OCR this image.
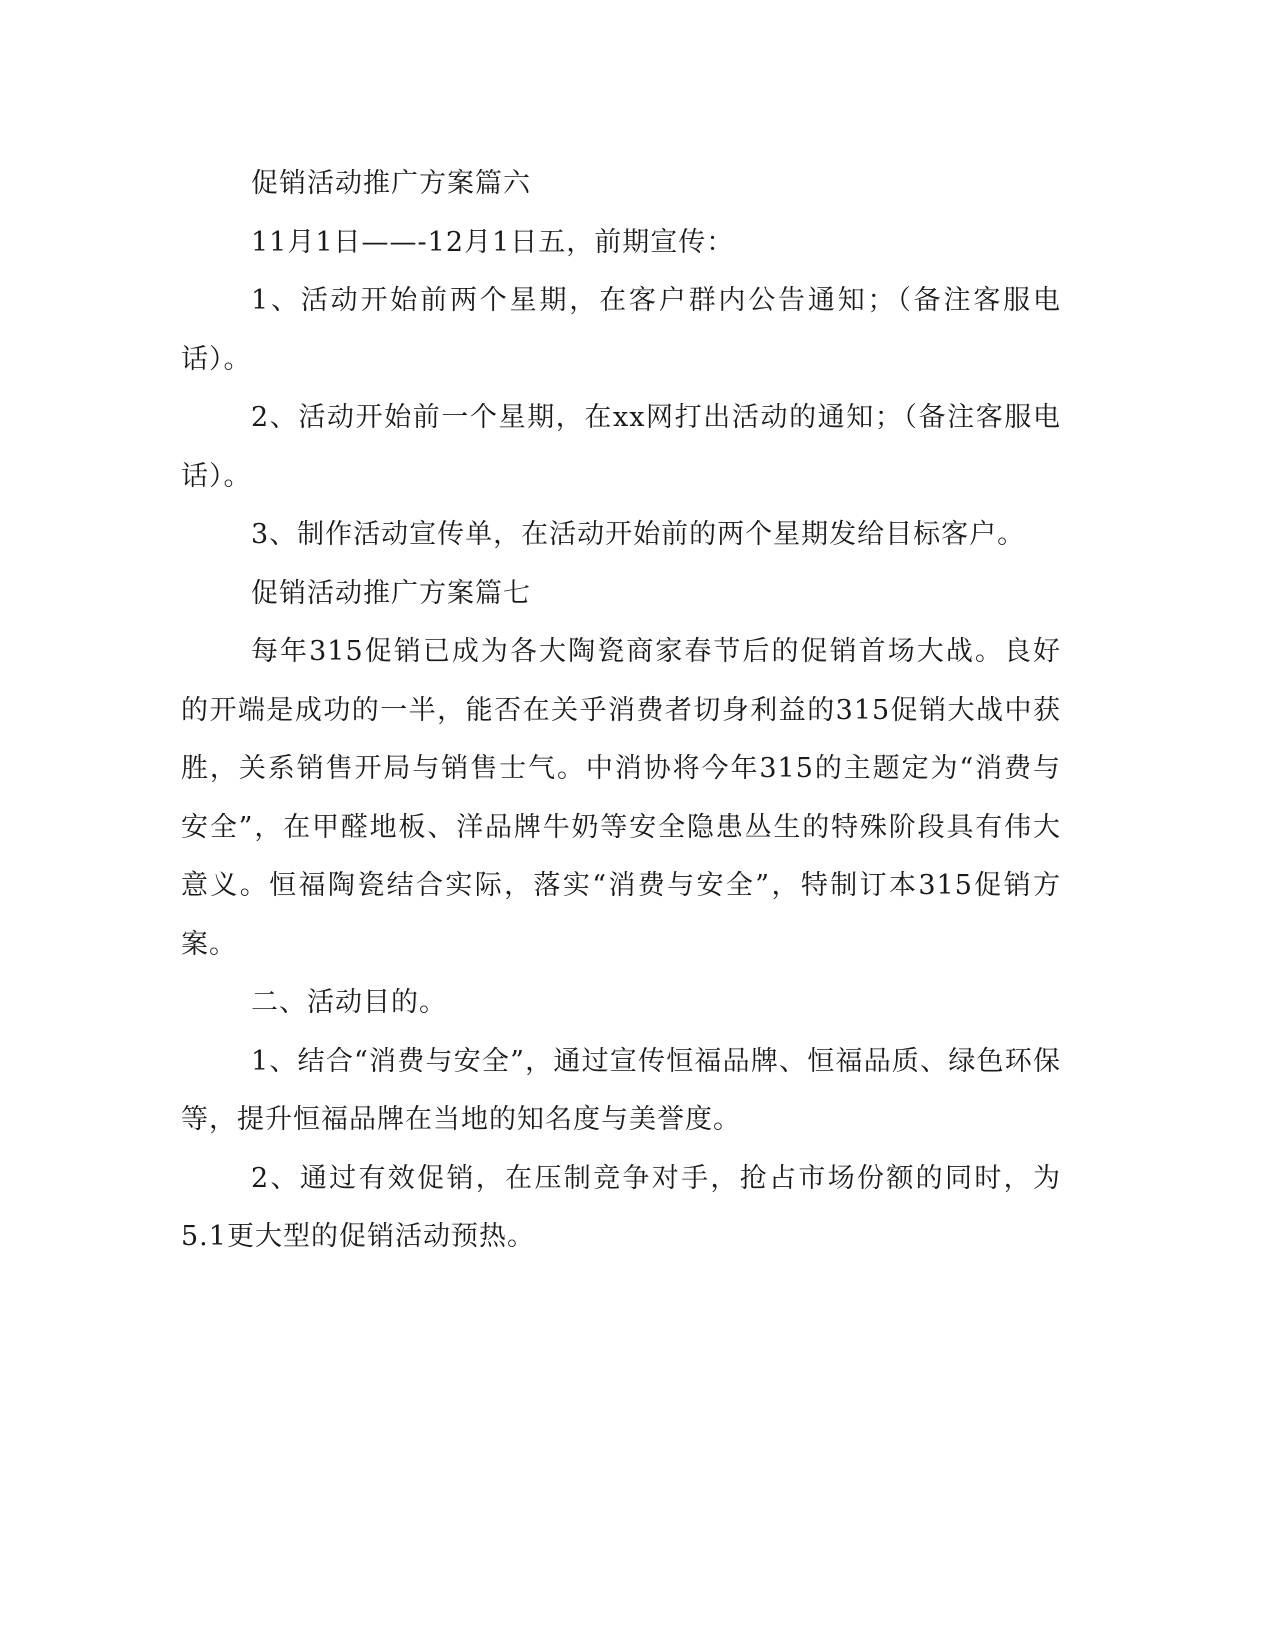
促销活动推广方案篇六

11月1日——-12月1日五，前期宣传：

1、活动开始前两个星期，在客户群内公告通知；（备注客服电话）。

2、活动开始前一个星期，在xx网打出活动的通知；（备注客服电话）。

3、制作活动宣传单，在活动开始前的两个星期发给目标客户。

促销活动推广方案篇七

每年315促销已成为各大陶瓷商家春节后的促销首场大战。良好的开端是成功的一半，能否在关乎消费者切身利益的315促销大战中获胜，关系销售开局与销售士气。中消协将今年315的主题定为“消费与安全”，在甲醛地板、洋品牌牛奶等安全隐患丛生的特殊阶段具有伟大意义。恒福陶瓷结合实际，落实“消费与安全”，特制订本315促销方案。

二、活动目的。

1、结合“消费与安全”，通过宣传恒福品牌、恒福品质、绿色环保等，提升恒福品牌在当地的知名度与美誉度。

2、通过有效促销，在压制竞争对手，抢占市场份额的同时，为5.1更大型的促销活动预热。
